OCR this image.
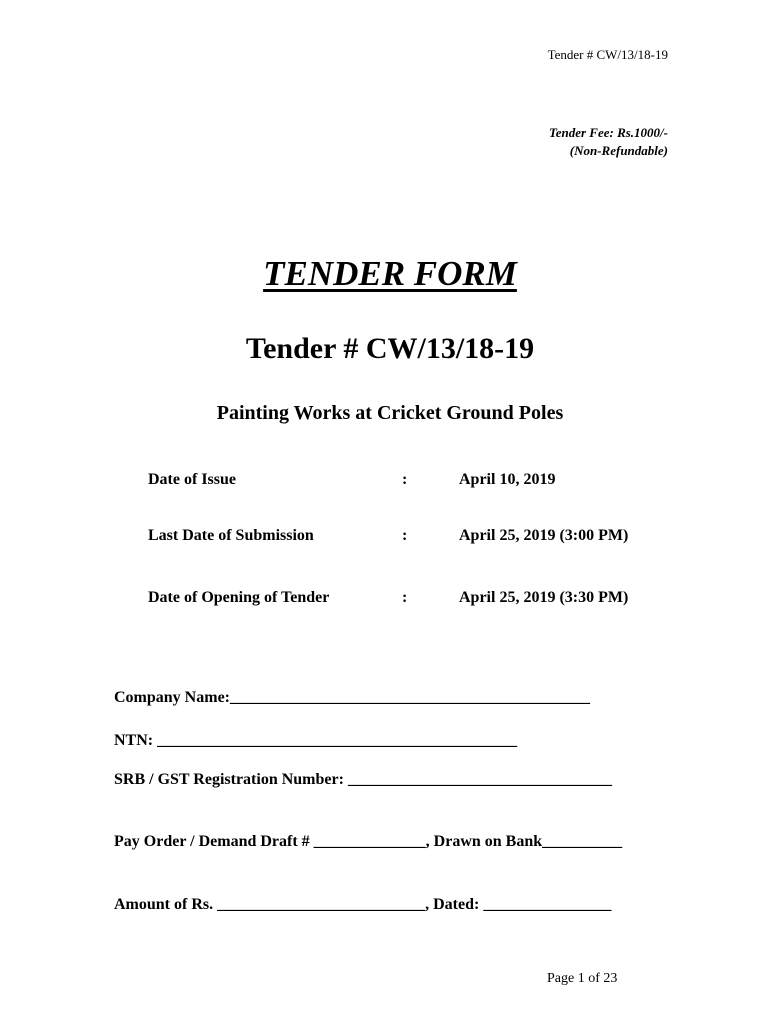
Tender # CW/13/18-19
Tender Fee: Rs.1000/-
(Non-Refundable)
TENDER FORM
Tender # CW/13/18-19
Painting Works at Cricket Ground Poles
Date of Issue	:	April 10, 2019
Last Date of Submission	:	April 25, 2019 (3:00 PM)
Date of Opening of Tender	:	April 25, 2019 (3:30 PM)
Company Name:_____________________________________________
NTN: _____________________________________________
SRB / GST Registration Number: _________________________________
Pay Order / Demand Draft # ______________, Drawn on Bank__________
Amount of Rs. __________________________, Dated: ________________
Page 1 of 23
